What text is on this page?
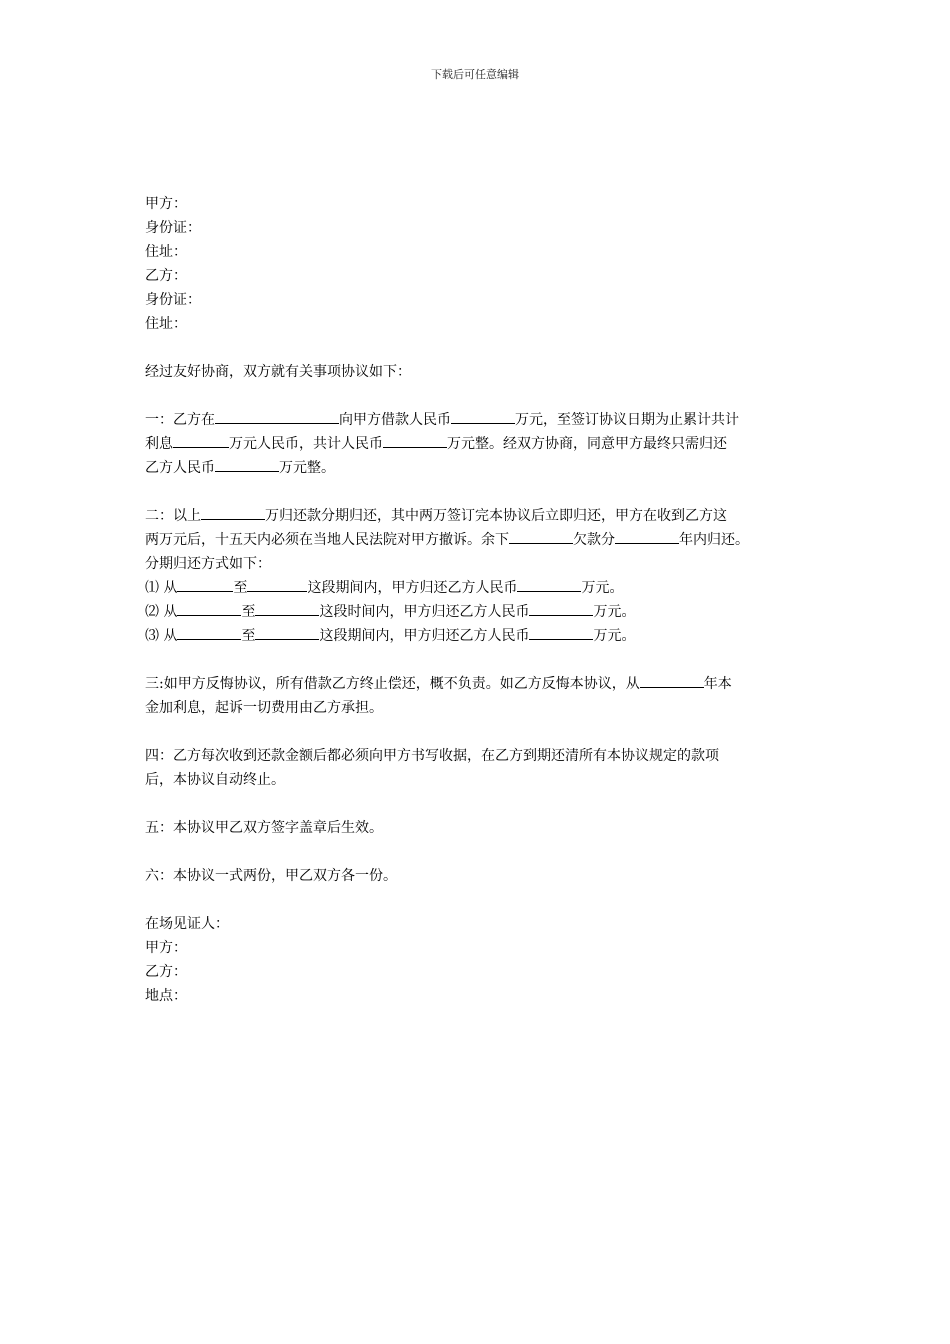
下载后可任意编辑
甲方：
身份证：
住址：
乙方：
身份证：
住址：
经过友好协商，双方就有关事项协议如下：
一：乙方在	向甲方借款人民币	万元，至签订协议日期为止累计共计
利息	万元人民币，共计人民币	万元整。经双方协商，同意甲方最终只需归还
乙方人民币	万元整。
二：以上	万归还款分期归还，其中两万签订完本协议后立即归还，甲方在收到乙方这
两万元后，十五天内必须在当地人民法院对甲方撤诉。余下	欠款分	年内归还。
分期归还方式如下：
⑴ 从	至	这段期间内，甲方归还乙方人民币	万元。
⑵ 从	至	这段时间内，甲方归还乙方人民币	万元。
⑶ 从	至	这段期间内，甲方归还乙方人民币	万元。
三:如甲方反悔协议，所有借款乙方终止偿还，概不负责。如乙方反悔本协议，从	年本
金加利息，起诉一切费用由乙方承担。
四：乙方每次收到还款金额后都必须向甲方书写收据，在乙方到期还清所有本协议规定的款项
后，本协议自动终止。
五：本协议甲乙双方签字盖章后生效。
六：本协议一式两份，甲乙双方各一份。
在场见证人：
甲方：
乙方：
地点：
